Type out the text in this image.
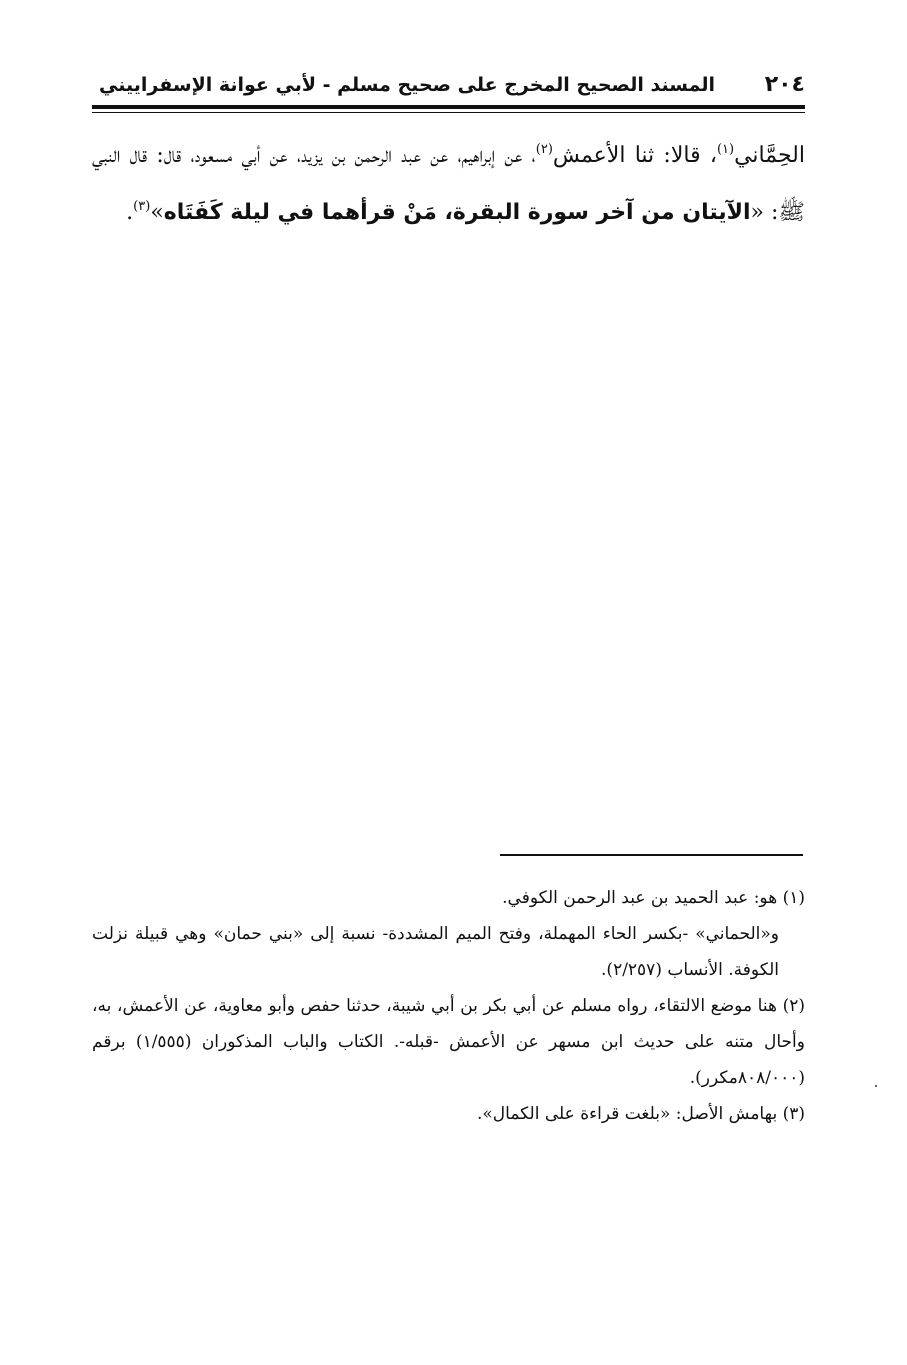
٢٠٤
المسند الصحيح المخرج على صحيح مسلم - لأبي عوانة الإسفراييني
الحِمَّاني$^{(١)}$، قالا: ثنا الأعمش$^{(٢)}$، عن إبراهيم، عن عبد الرحمن بن يزيد، عن أبي مسعود، قال: قال النبي ﷺ: «الآيتان من آخر سورة البقرة، مَنْ قرأهما في ليلة كَفَتَاه»$^{(٣)}$.

(١) هو: عبد الحميد بن عبد الرحمن الكوفي.

و«الحماني» -بكسر الحاء المهملة، وفتح الميم المشددة- نسبة إلى «بني حمان» وهي قبيلة نزلت الكوفة. الأنساب (٢/٢٥٧).

(٢) هنا موضع الالتقاء، رواه مسلم عن أبي بكر بن أبي شيبة، حدثنا حفص وأبو معاوية، عن الأعمش، به، وأحال متنه على حديث ابن مسهر عن الأعمش -قبله-. الكتاب والباب المذكوران (١/٥٥٥) برقم (٨٠٨/٠٠٠مكرر).

(٣) بهامش الأصل: «بلغت قراءة على الكمال».
